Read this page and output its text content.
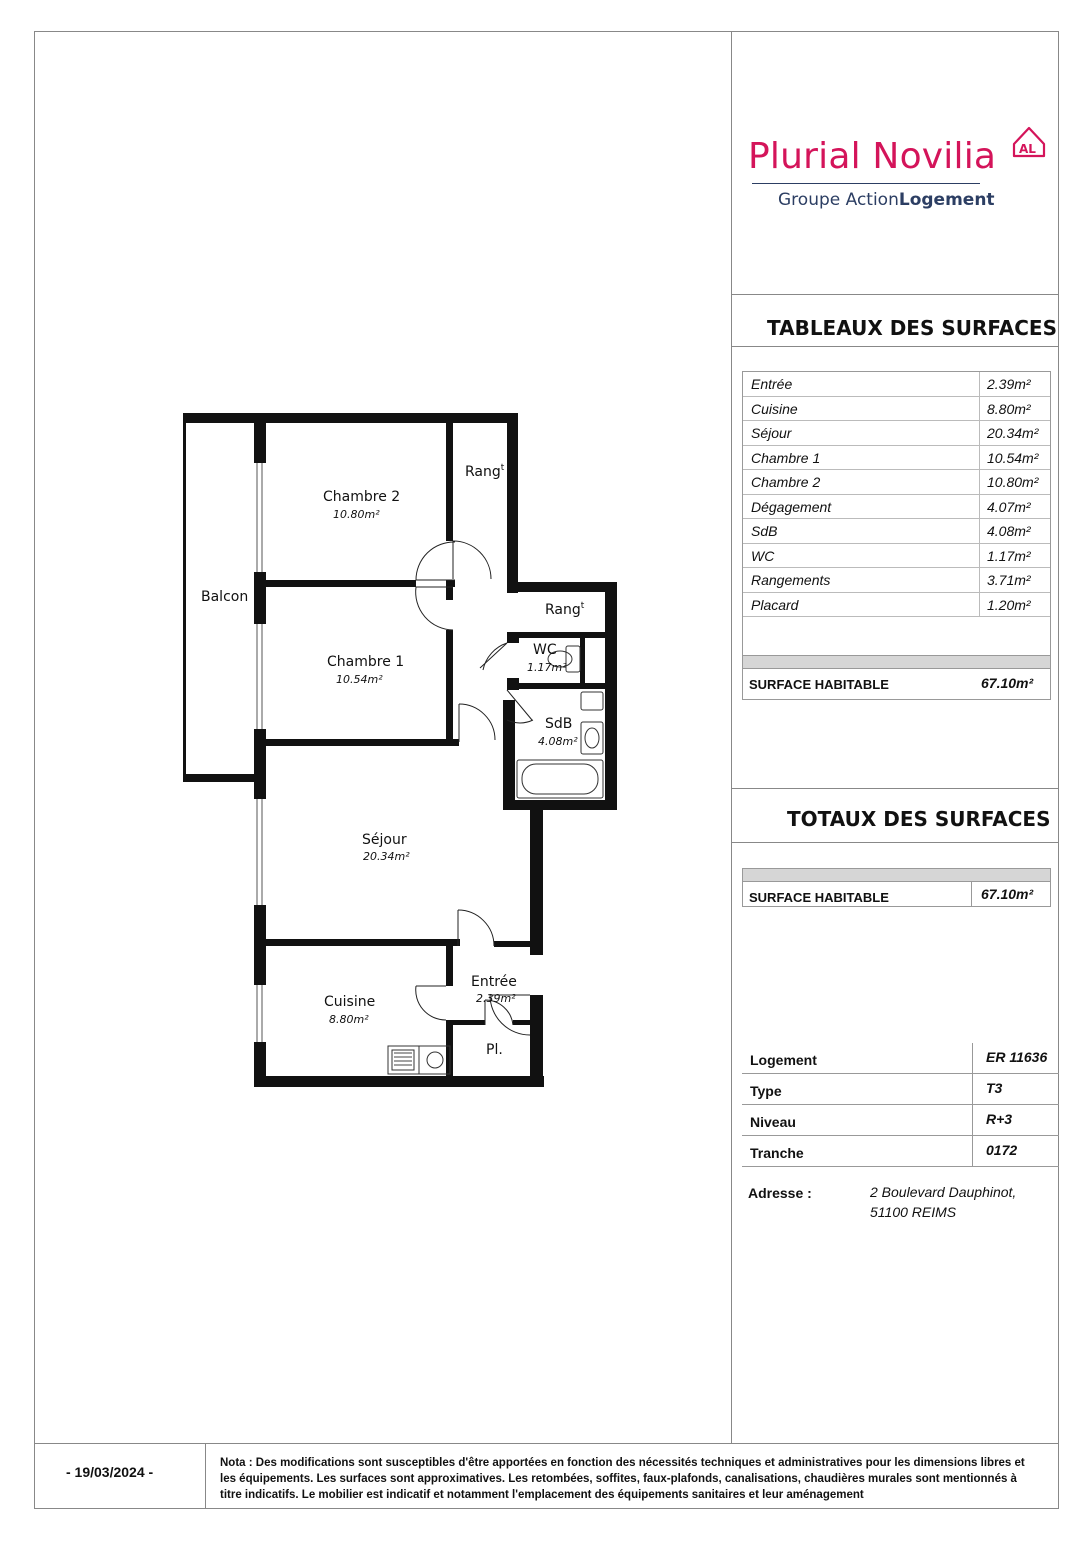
Plurial Novilia AL
Groupe ActionLogement
TABLEAUX DES SURFACES
Entrée	2.39m²
Cuisine	8.80m²
Séjour	20.34m²
Chambre 1	10.54m²
Chambre 2	10.80m²
Dégagement	4.07m²
SdB	4.08m²
WC	1.17m²
Rangements	3.71m²
Placard	1.20m²
SURFACE HABITABLE	67.10m²
TOTAUX DES SURFACES
SURFACE HABITABLE	67.10m²
Logement	ER 11636
Type	T3
Niveau	R+3
Tranche	0172
Adresse :	2 Boulevard Dauphinot,
51100 REIMS
- 19/03/2024 -
Nota : Des modifications sont susceptibles d'être apportées en fonction des nécessités techniques et administratives pour les dimensions libres et les équipements. Les surfaces sont approximatives. Les retombées, soffites, faux-plafonds, canalisations, chaudières murales sont mentionnés à titre indicatifs. Le mobilier est indicatif et notamment l'emplacement des équipements sanitaires et leur aménagement
Balcon
Chambre 2
10.80m²
Chambre 1
10.54m²
Séjour
20.34m²
Cuisine
8.80m²
Entrée
2.39m²
WC
1.17m²
SdB
4.08m²
Rang$^t$
Rang$^t$
Pl.
